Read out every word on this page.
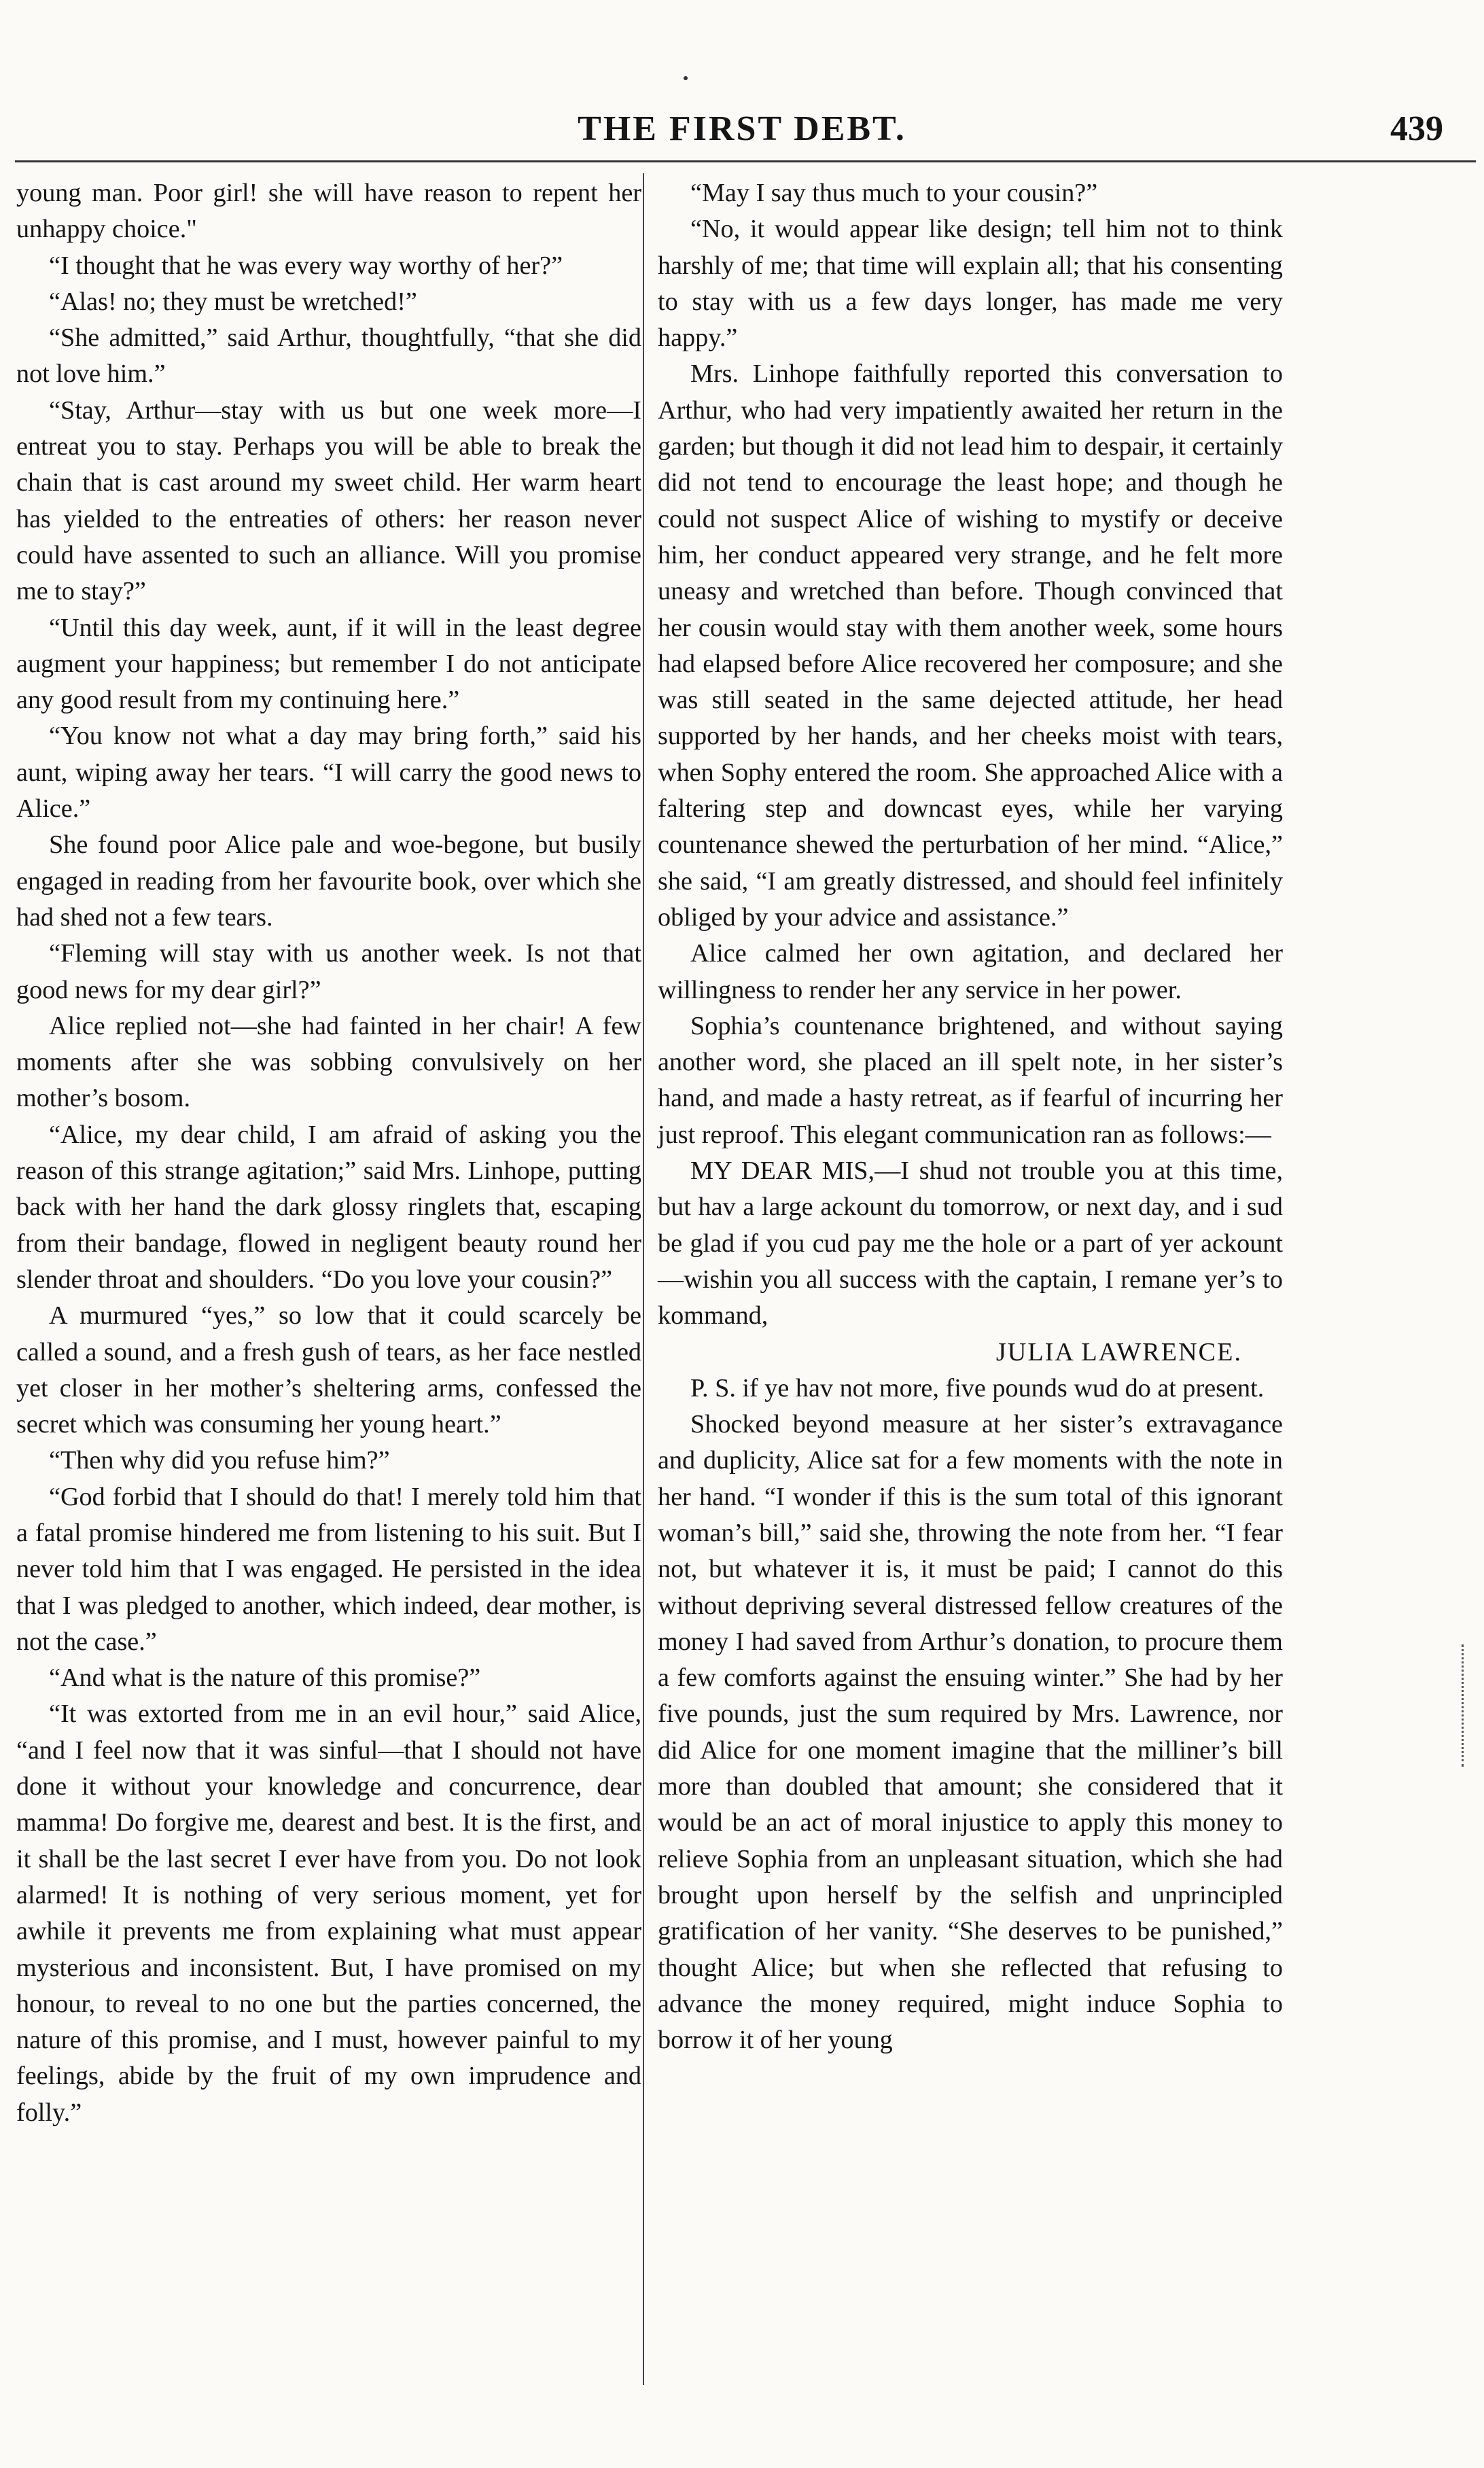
THE FIRST DEBT.	439

young man. Poor girl! she will have reason to repent her unhappy choice."

“I thought that he was every way worthy of her?”

“Alas! no; they must be wretched!”

“She admitted,” said Arthur, thoughtfully, “that she did not love him.”

“Stay, Arthur—stay with us but one week more—I entreat you to stay. Perhaps you will be able to break the chain that is cast around my sweet child. Her warm heart has yielded to the entreaties of others: her reason never could have assented to such an alliance. Will you promise me to stay?”

“Until this day week, aunt, if it will in the least degree augment your happiness; but remember I do not anticipate any good result from my continuing here.”

“You know not what a day may bring forth,” said his aunt, wiping away her tears. “I will carry the good news to Alice.”

She found poor Alice pale and woe-begone, but busily engaged in reading from her favourite book, over which she had shed not a few tears.

“Fleming will stay with us another week. Is not that good news for my dear girl?”

Alice replied not—she had fainted in her chair! A few moments after she was sobbing convulsively on her mother’s bosom.

“Alice, my dear child, I am afraid of asking you the reason of this strange agitation;” said Mrs. Linhope, putting back with her hand the dark glossy ringlets that, escaping from their bandage, flowed in negligent beauty round her slender throat and shoulders. “Do you love your cousin?”

A murmured “yes,” so low that it could scarcely be called a sound, and a fresh gush of tears, as her face nestled yet closer in her mother’s sheltering arms, confessed the secret which was consuming her young heart.”

“Then why did you refuse him?”

“God forbid that I should do that! I merely told him that a fatal promise hindered me from listening to his suit. But I never told him that I was engaged. He persisted in the idea that I was pledged to another, which indeed, dear mother, is not the case.”

“And what is the nature of this promise?”

“It was extorted from me in an evil hour,” said Alice, “and I feel now that it was sinful—that I should not have done it without your knowledge and concurrence, dear mamma! Do forgive me, dearest and best. It is the first, and it shall be the last secret I ever have from you. Do not look alarmed! It is nothing of very serious moment, yet for awhile it prevents me from explaining what must appear mysterious and inconsistent. But, I have promised on my honour, to reveal to no one but the parties concerned, the nature of this promise, and I must, however painful to my feelings, abide by the fruit of my own imprudence and folly.”

“May I say thus much to your cousin?”

“No, it would appear like design; tell him not to think harshly of me; that time will explain all; that his consenting to stay with us a few days longer, has made me very happy.”

Mrs. Linhope faithfully reported this conversation to Arthur, who had very impatiently awaited her return in the garden; but though it did not lead him to despair, it certainly did not tend to encourage the least hope; and though he could not suspect Alice of wishing to mystify or deceive him, her conduct appeared very strange, and he felt more uneasy and wretched than before. Though convinced that her cousin would stay with them another week, some hours had elapsed before Alice recovered her composure; and she was still seated in the same dejected attitude, her head supported by her hands, and her cheeks moist with tears, when Sophy entered the room. She approached Alice with a faltering step and downcast eyes, while her varying countenance shewed the perturbation of her mind. “Alice,” she said, “I am greatly distressed, and should feel infinitely obliged by your advice and assistance.”

Alice calmed her own agitation, and declared her willingness to render her any service in her power.

Sophia’s countenance brightened, and without saying another word, she placed an ill spelt note, in her sister’s hand, and made a hasty retreat, as if fearful of incurring her just reproof. This elegant communication ran as follows:—

MY DEAR MIS,—I shud not trouble you at this time, but hav a large ackount du tomorrow, or next day, and i sud be glad if you cud pay me the hole or a part of yer ackount—wishin you all success with the captain, I remane yer’s to kommand,

JULIA LAWRENCE.

P. S. if ye hav not more, five pounds wud do at present.

Shocked beyond measure at her sister’s extravagance and duplicity, Alice sat for a few moments with the note in her hand. “I wonder if this is the sum total of this ignorant woman’s bill,” said she, throwing the note from her. “I fear not, but whatever it is, it must be paid; I cannot do this without depriving several distressed fellow creatures of the money I had saved from Arthur’s donation, to procure them a few comforts against the ensuing winter.” She had by her five pounds, just the sum required by Mrs. Lawrence, nor did Alice for one moment imagine that the milliner’s bill more than doubled that amount; she considered that it would be an act of moral injustice to apply this money to relieve Sophia from an unpleasant situation, which she had brought upon herself by the selfish and unprincipled gratification of her vanity. “She deserves to be punished,” thought Alice; but when she reflected that refusing to advance the money required, might induce Sophia to borrow it of her young
